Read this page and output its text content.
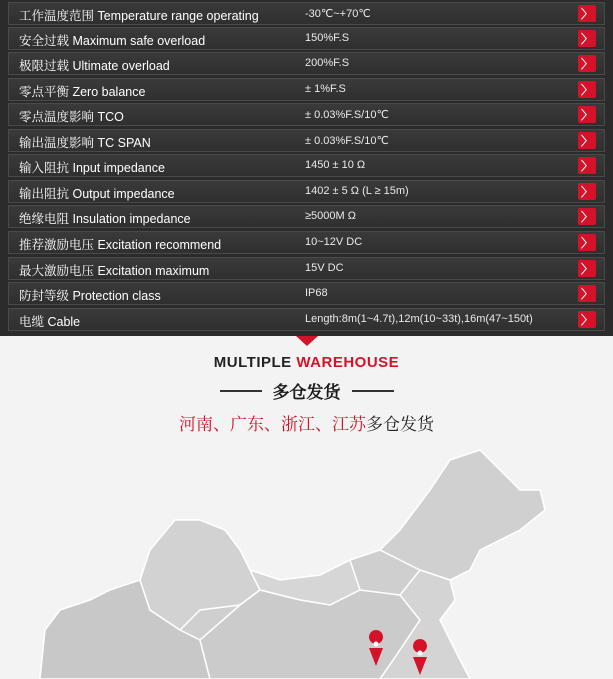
工作温度范围 Temperature range operating	-30℃~+70℃	〉
安全过载 Maximum safe overload	150%F.S	〉
极限过载 Ultimate overload	200%F.S	〉
零点平衡 Zero balance	± 1%F.S	〉
零点温度影响 TCO	± 0.03%F.S/10℃	〉
输出温度影响 TC SPAN	± 0.03%F.S/10℃	〉
输入阻抗 Input impedance	1450 ± 10 Ω	〉
输出阻抗 Output impedance	1402 ± 5 Ω (L ≥ 15m)	〉
绝缘电阻 Insulation impedance	≥5000M Ω	〉
推荐激励电压 Excitation recommend	10~12V DC	〉
最大激励电压 Excitation maximum	15V DC	〉
防封等级 Protection class	IP68	〉
电缆 Cable	Length:8m(1~4.7t),12m(10~33t),16m(47~150t)	〉
MULTIPLE WAREHOUSE
多仓发货
河南、广东、浙江、江苏多仓发货
